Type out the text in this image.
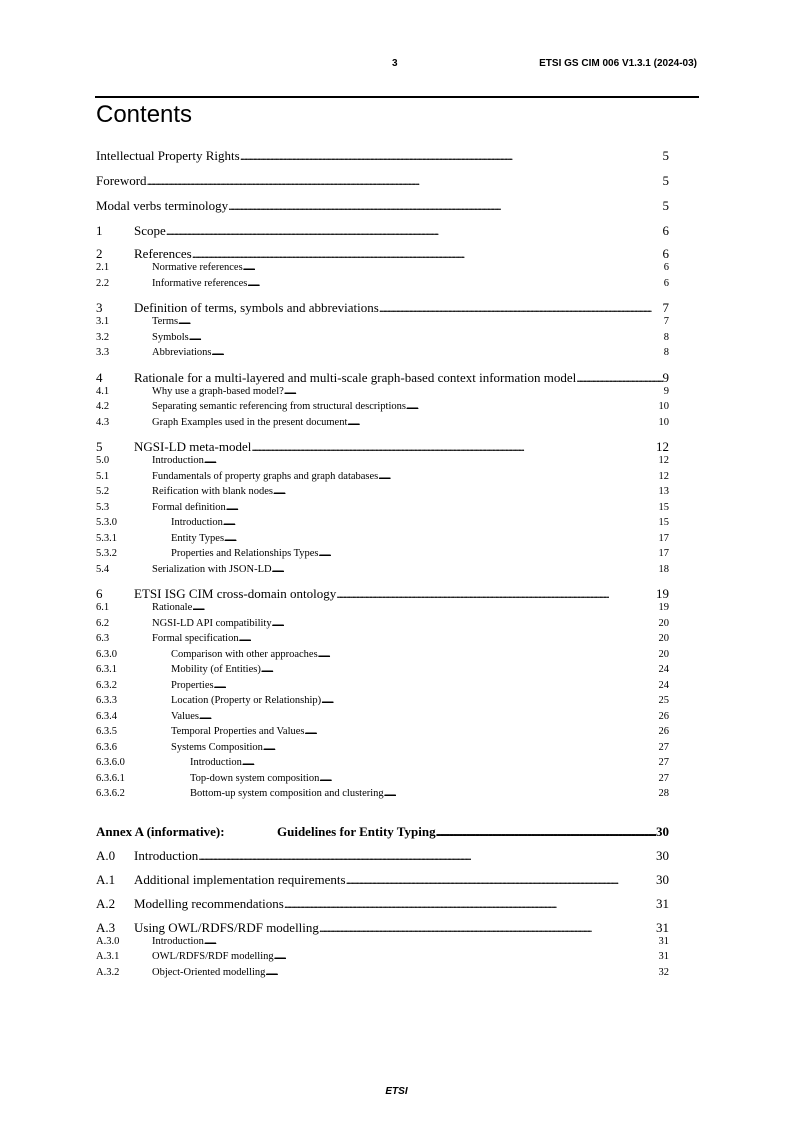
3	ETSI GS CIM 006 V1.3.1 (2024-03)
Contents
Intellectual Property Rights . . .	5
Foreword . . .	5
Modal verbs terminology . . .	5
1	Scope . . .	6
2	References . . .	6
2.1	Normative references . . .	6
2.2	Informative references . . .	6
3	Definition of terms, symbols and abbreviations . . .	7
3.1	Terms . . .	7
3.2	Symbols . . .	8
3.3	Abbreviations . . .	8
4	Rationale for a multi-layered and multi-scale graph-based context information model . . .	9
4.1	Why use a graph-based model? . . .	9
4.2	Separating semantic referencing from structural descriptions . . .	10
4.3	Graph Examples used in the present document . . .	10
5	NGSI-LD meta-model . . .	12
5.0	Introduction . . .	12
5.1	Fundamentals of property graphs and graph databases . . .	12
5.2	Reification with blank nodes . . .	13
5.3	Formal definition . . .	15
5.3.0	Introduction . . .	15
5.3.1	Entity Types . . .	17
5.3.2	Properties and Relationships Types . . .	17
5.4	Serialization with JSON-LD . . .	18
6	ETSI ISG CIM cross-domain ontology . . .	19
6.1	Rationale . . .	19
6.2	NGSI-LD API compatibility . . .	20
6.3	Formal specification . . .	20
6.3.0	Comparison with other approaches . . .	20
6.3.1	Mobility (of Entities) . . .	24
6.3.2	Properties . . .	24
6.3.3	Location (Property or Relationship) . . .	25
6.3.4	Values . . .	26
6.3.5	Temporal Properties and Values . . .	26
6.3.6	Systems Composition . . .	27
6.3.6.0	Introduction . . .	27
6.3.6.1	Top-down system composition . . .	27
6.3.6.2	Bottom-up system composition and clustering . . .	28
Annex A (informative):	Guidelines for Entity Typing . . .	30
A.0	Introduction . . .	30
A.1	Additional implementation requirements . . .	30
A.2	Modelling recommendations . . .	31
A.3	Using OWL/RDFS/RDF modelling . . .	31
A.3.0	Introduction . . .	31
A.3.1	OWL/RDFS/RDF modelling . . .	31
A.3.2	Object-Oriented modelling . . .	32
ETSI
